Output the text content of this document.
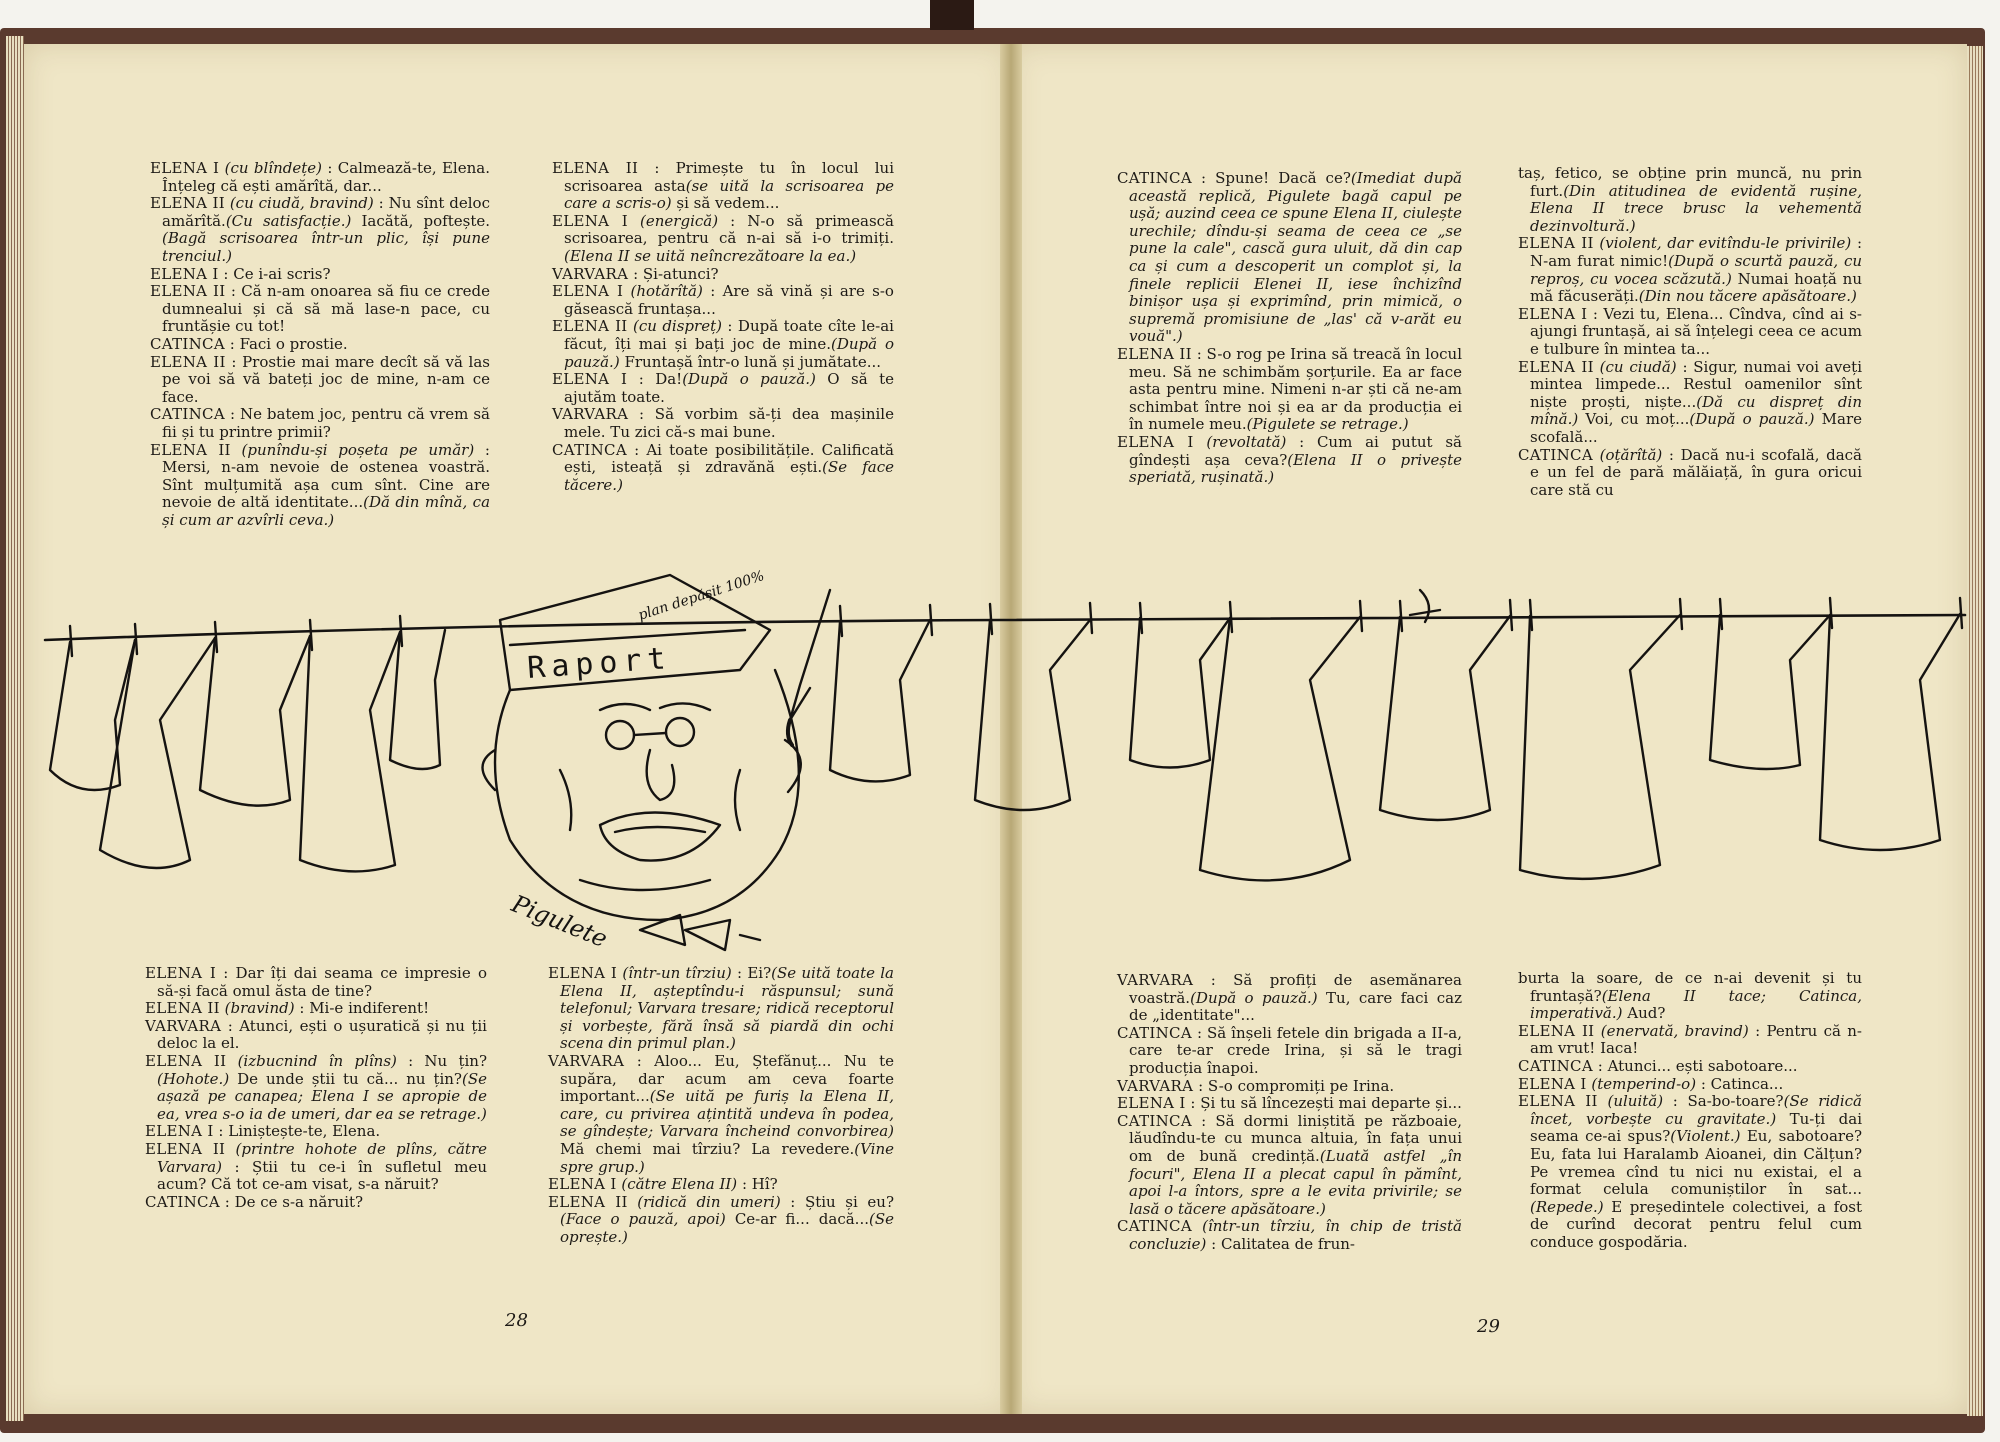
ELENA I (cu blîndețe) : Calmează-te, Elena. Înțeleg că ești amărîtă, dar...

ELENA II (cu ciudă, bravind) : Nu sînt deloc amărîtă.(Cu satisfacție.) Iacătă, poftește.(Bagă scrisoarea într-un plic, își pune trenciul.)

ELENA I : Ce i-ai scris?

ELENA II : Că n-am onoarea să fiu ce crede dumnealui și că să mă lase-n pace, cu fruntășie cu tot!

CATINCA : Faci o prostie.

ELENA II : Prostie mai mare decît să vă las pe voi să vă bateți joc de mine, n-am ce face.

CATINCA : Ne batem joc, pentru că vrem să fii și tu printre primii?

ELENA II (punîndu-și poșeta pe umăr) : Mersi, n-am nevoie de ostenea voastră. Sînt mulțumită așa cum sînt. Cine are nevoie de altă identitate...(Dă din mînă, ca și cum ar azvîrli ceva.)

ELENA II : Primește tu în locul lui scrisoarea asta(se uită la scrisoarea pe care a scris-o) și să vedem...

ELENA I (energică) : N-o să primească scrisoarea, pentru că n-ai să i-o trimiți.(Elena II se uită neîncrezătoare la ea.)

VARVARA : Și-atunci?

ELENA I (hotărîtă) : Are să vină și are s-o găsească fruntașa...

ELENA II (cu dispreț) : După toate cîte le-ai făcut, îți mai și bați joc de mine.(După o pauză.) Fruntașă într-o lună și jumătate...

ELENA I : Da!(După o pauză.) O să te ajutăm toate.

VARVARA : Să vorbim să-ți dea mașinile mele. Tu zici că-s mai bune.

CATINCA : Ai toate posibilitățile. Calificată ești, isteață și zdravănă ești.(Se face tăcere.)

ELENA I : Dar îți dai seama ce impresie o să-și facă omul ăsta de tine?

ELENA II (bravind) : Mi-e indiferent!

VARVARA : Atunci, ești o ușuratică și nu ții deloc la el.

ELENA II (izbucnind în plîns) : Nu țin?(Hohote.) De unde știi tu că... nu țin?(Se așază pe canapea; Elena I se apropie de ea, vrea s-o ia de umeri, dar ea se retrage.)

ELENA I : Liniștește-te, Elena.

ELENA II (printre hohote de plîns, către Varvara) : Știi tu ce-i în sufletul meu acum? Că tot ce-am visat, s-a năruit?

CATINCA : De ce s-a năruit?

ELENA I (într-un tîrziu) : Ei?(Se uită toate la Elena II, așteptîndu-i răspunsul; sună telefonul; Varvara tresare; ridică receptorul și vorbește, fără însă să piardă din ochi scena din primul plan.)

VARVARA : Aloo... Eu, Ștefănuț... Nu te supăra, dar acum am ceva foarte important...(Se uită pe furiș la Elena II, care, cu privirea ațintită undeva în podea, se gîndește; Varvara încheind convorbirea) Mă chemi mai tîrziu? La revedere.(Vine spre grup.)

ELENA I (către Elena II) : Hî?

ELENA II (ridică din umeri) : Știu și eu?(Face o pauză, apoi) Ce-ar fi... dacă...(Se oprește.)

28

CATINCA : Spune! Dacă ce?(Imediat după această replică, Pigulete bagă capul pe ușă; auzind ceea ce spune Elena II, ciulește urechile; dîndu-și seama de ceea ce „se pune la cale", cască gura uluit, dă din cap ca și cum a descoperit un complot și, la finele replicii Elenei II, iese închizînd binișor ușa și exprimînd, prin mimică, o supremă promisiune de „las' că v-arăt eu vouă".)

ELENA II : S-o rog pe Irina să treacă în locul meu. Să ne schimbăm șorțurile. Ea ar face asta pentru mine. Nimeni n-ar ști că ne-am schimbat între noi și ea ar da producția ei în numele meu.(Pigulete se retrage.)

ELENA I (revoltată) : Cum ai putut să gîndești așa ceva?(Elena II o privește speriată, rușinată.)

taș, fetico, se obține prin muncă, nu prin furt.(Din atitudinea de evidentă rușine, Elena II trece brusc la vehementă dezinvoltură.)

ELENA II (violent, dar evitîndu-le privirile) : N-am furat nimic!(După o scurtă pauză, cu reproș, cu vocea scăzută.) Numai hoață nu mă făcuserăți.(Din nou tăcere apăsătoare.)

ELENA I : Vezi tu, Elena... Cîndva, cînd ai s-ajungi fruntașă, ai să înțelegi ceea ce acum e tulbure în mintea ta...

ELENA II (cu ciudă) : Sigur, numai voi aveți mintea limpede... Restul oamenilor sînt niște proști, niște...(Dă cu dispreț din mînă.) Voi, cu moț...(După o pauză.) Mare scofală...

CATINCA (oțărîtă) : Dacă nu-i scofală, dacă e un fel de pară mălăiață, în gura oricui care stă cu

VARVARA : Să profiți de asemănarea voastră.(După o pauză.) Tu, care faci caz de „identitate"...

CATINCA : Să înșeli fetele din brigada a II-a, care te-ar crede Irina, și să le tragi producția înapoi.

VARVARA : S-o compromiți pe Irina.

ELENA I : Și tu să lîncezești mai departe și...

CATINCA : Să dormi liniștită pe războaie, lăudîndu-te cu munca altuia, în fața unui om de bună credință.(Luată astfel „în focuri", Elena II a plecat capul în pămînt, apoi l-a întors, spre a le evita privirile; se lasă o tăcere apăsătoare.)

CATINCA (într-un tîrziu, în chip de tristă concluzie) : Calitatea de frun-

burta la soare, de ce n-ai devenit și tu fruntașă?(Elena II tace; Catinca, imperativă.) Aud?

ELENA II (enervată, bravind) : Pentru că n-am vrut! Iaca!

CATINCA : Atunci... ești sabotoare...

ELENA I (temperind-o) : Catinca...

ELENA II (uluită) : Sa-bo-toare?(Se ridică încet, vorbește cu gravitate.) Tu-ți dai seama ce-ai spus?(Violent.) Eu, sabotoare? Eu, fata lui Haralamb Aioanei, din Călțun? Pe vremea cînd tu nici nu existai, el a format celula comuniștilor în sat...(Repede.) E președintele colectivei, a fost de curînd decorat pentru felul cum conduce gospodăria.

29
Raport
plan depășit 100%
Pigulete
